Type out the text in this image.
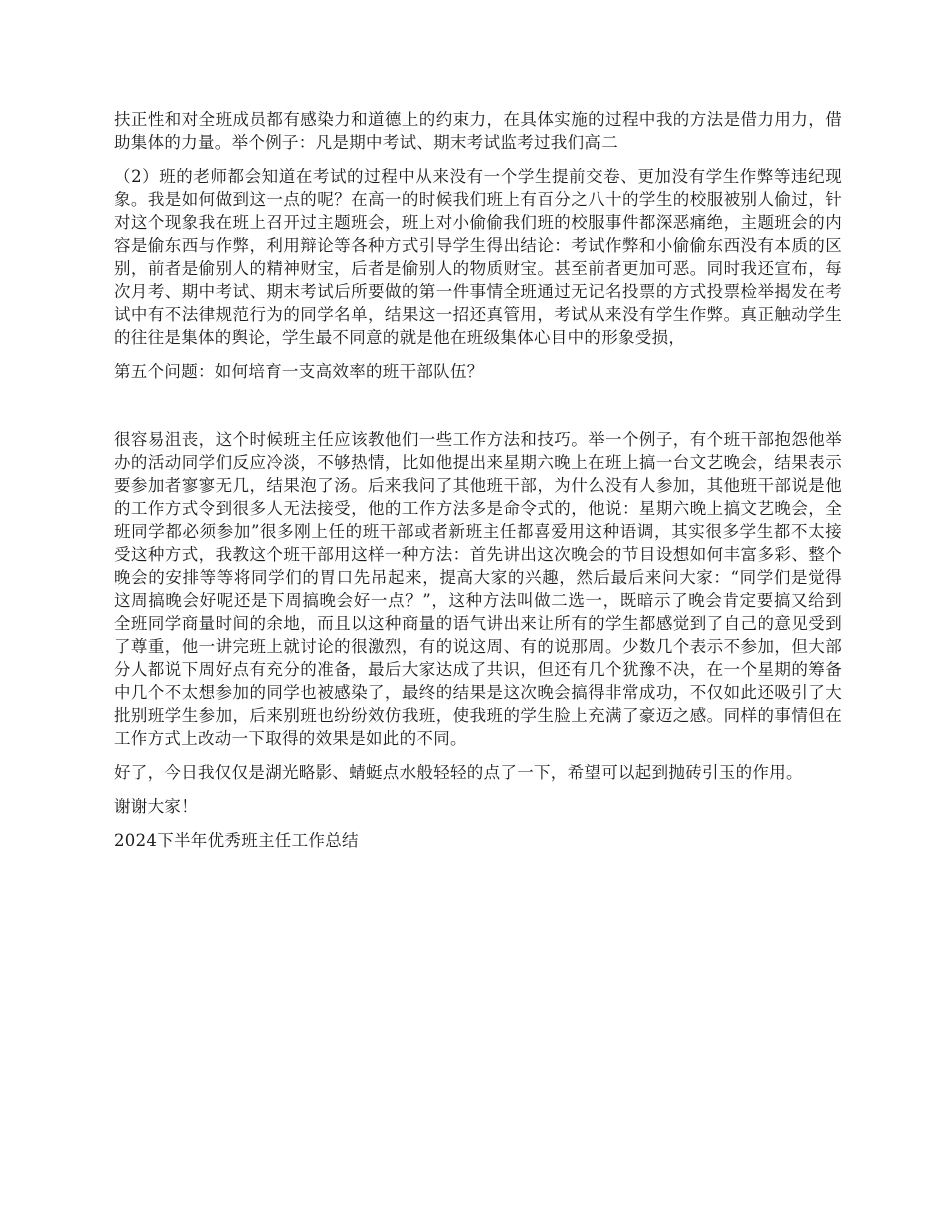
扶正性和对全班成员都有感染力和道德上的约束力，在具体实施的过程中我的方法是借力用力，借助集体的力量。举个例子：凡是期中考试、期末考试监考过我们高二

（2）班的老师都会知道在考试的过程中从来没有一个学生提前交卷、更加没有学生作弊等违纪现象。我是如何做到这一点的呢？在高一的时候我们班上有百分之八十的学生的校服被别人偷过，针对这个现象我在班上召开过主题班会，班上对小偷偷我们班的校服事件都深恶痛绝，主题班会的内容是偷东西与作弊，利用辩论等各种方式引导学生得出结论：考试作弊和小偷偷东西没有本质的区别，前者是偷别人的精神财宝，后者是偷别人的物质财宝。甚至前者更加可恶。同时我还宣布，每次月考、期中考试、期末考试后所要做的第一件事情全班通过无记名投票的方式投票检举揭发在考试中有不法律规范行为的同学名单，结果这一招还真管用，考试从来没有学生作弊。真正触动学生的往往是集体的舆论，学生最不同意的就是他在班级集体心目中的形象受损，

第五个问题：如何培育一支高效率的班干部队伍？

很容易沮丧，这个时候班主任应该教他们一些工作方法和技巧。举一个例子，有个班干部抱怨他举办的活动同学们反应冷淡，不够热情，比如他提出来星期六晚上在班上搞一台文艺晚会，结果表示要参加者寥寥无几，结果泡了汤。后来我问了其他班干部，为什么没有人参加，其他班干部说是他的工作方式令到很多人无法接受，他的工作方法多是命令式的，他说：星期六晚上搞文艺晚会，全班同学都必须参加”很多刚上任的班干部或者新班主任都喜爱用这种语调，其实很多学生都不太接受这种方式，我教这个班干部用这样一种方法：首先讲出这次晚会的节目设想如何丰富多彩、整个晚会的安排等等将同学们的胃口先吊起来，提高大家的兴趣，然后最后来问大家：“同学们是觉得这周搞晚会好呢还是下周搞晚会好一点？”，这种方法叫做二选一，既暗示了晚会肯定要搞又给到全班同学商量时间的余地，而且以这种商量的语气讲出来让所有的学生都感觉到了自己的意见受到了尊重，他一讲完班上就讨论的很激烈，有的说这周、有的说那周。少数几个表示不参加，但大部分人都说下周好点有充分的准备，最后大家达成了共识，但还有几个犹豫不决，在一个星期的筹备中几个不太想参加的同学也被感染了，最终的结果是这次晚会搞得非常成功，不仅如此还吸引了大批别班学生参加，后来别班也纷纷效仿我班，使我班的学生脸上充满了豪迈之感。同样的事情但在工作方式上改动一下取得的效果是如此的不同。

好了，今日我仅仅是湖光略影、蜻蜓点水般轻轻的点了一下，希望可以起到抛砖引玉的作用。

谢谢大家！

2024下半年优秀班主任工作总结
